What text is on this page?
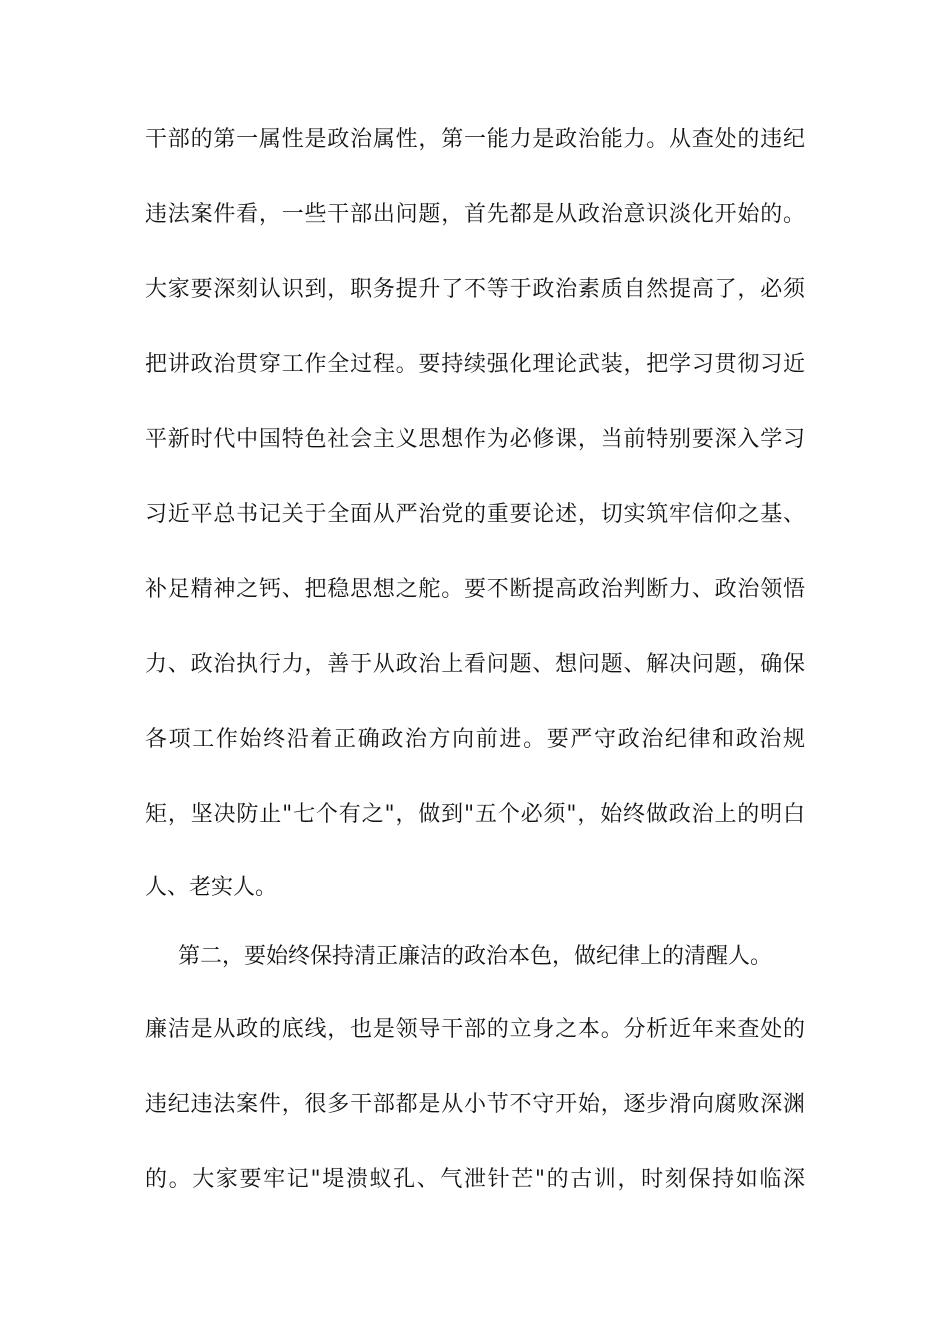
干部的第一属性是政治属性，第一能力是政治能力。从查处的违纪
违法案件看，一些干部出问题，首先都是从政治意识淡化开始的。
大家要深刻认识到，职务提升了不等于政治素质自然提高了，必须
把讲政治贯穿工作全过程。要持续强化理论武装，把学习贯彻习近
平新时代中国特色社会主义思想作为必修课，当前特别要深入学习
习近平总书记关于全面从严治党的重要论述，切实筑牢信仰之基、
补足精神之钙、把稳思想之舵。要不断提高政治判断力、政治领悟
力、政治执行力，善于从政治上看问题、想问题、解决问题，确保
各项工作始终沿着正确政治方向前进。要严守政治纪律和政治规
矩，坚决防止"七个有之"，做到"五个必须"，始终做政治上的明白
人、老实人。
第二，要始终保持清正廉洁的政治本色，做纪律上的清醒人。
廉洁是从政的底线，也是领导干部的立身之本。分析近年来查处的
违纪违法案件，很多干部都是从小节不守开始，逐步滑向腐败深渊
的。大家要牢记"堤溃蚁孔、气泄针芒"的古训，时刻保持如临深
